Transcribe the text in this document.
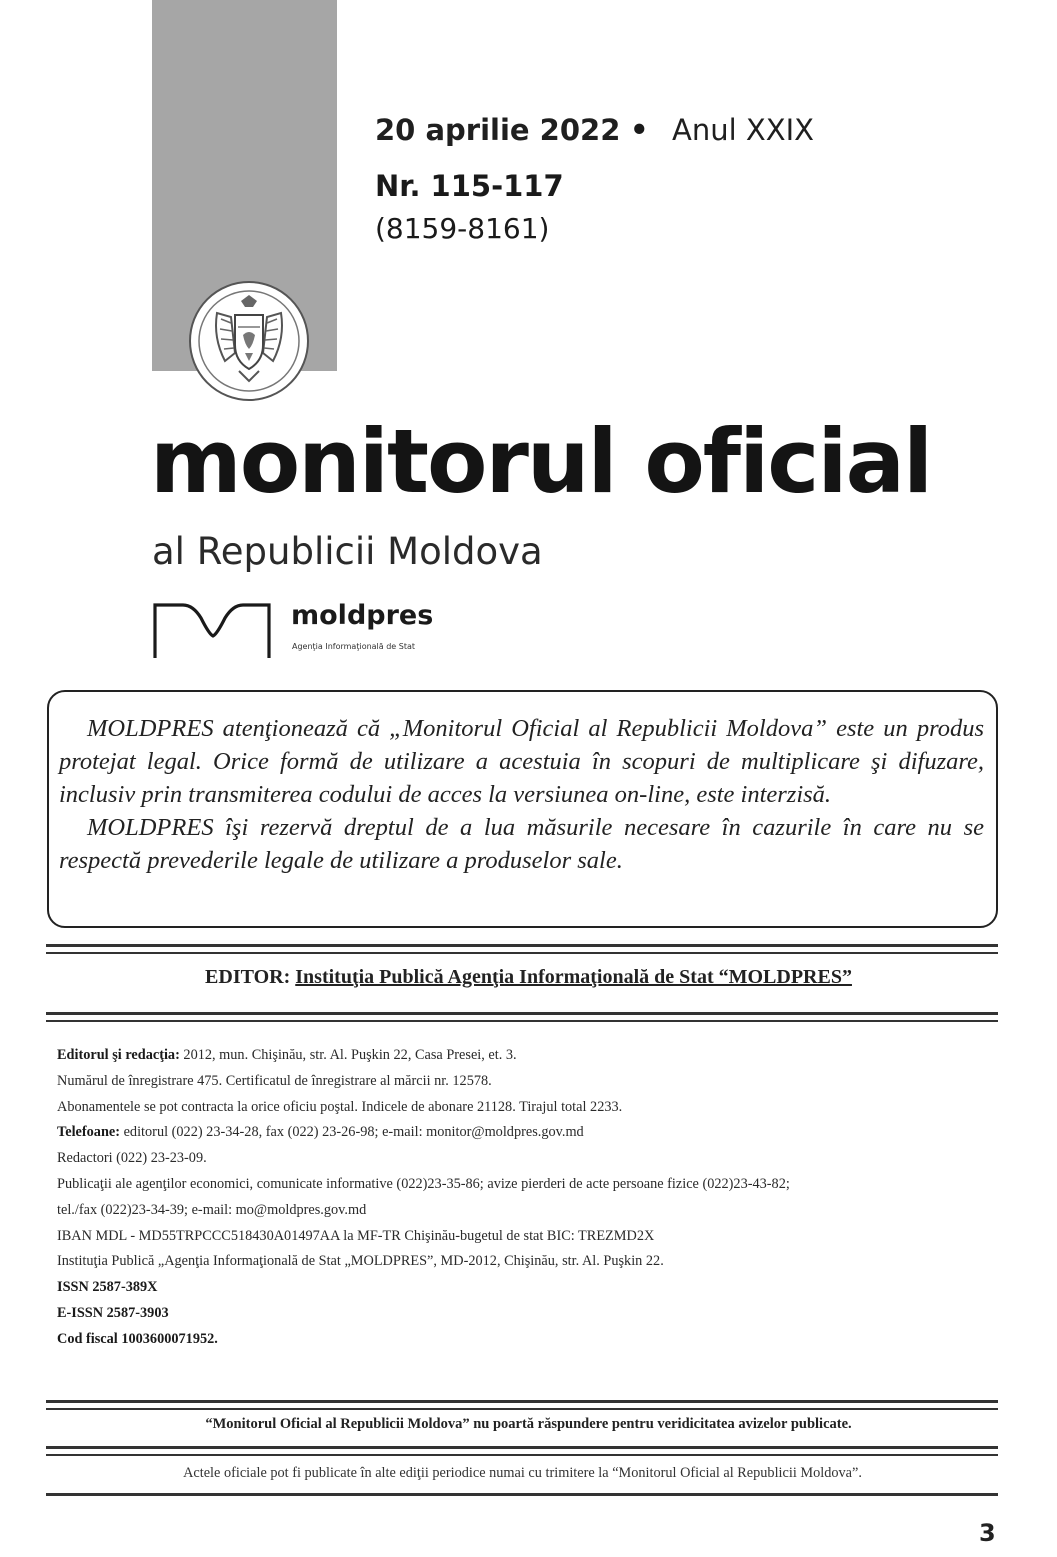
20 aprilie 2022 • Anul XXIX
Nr. 115-117
(8159-8161)
monitorul oficial
al Republicii Moldova
moldpres
Agenţia Informaţională de Stat

MOLDPRES atenţionează că „Monitorul Oficial al Republicii Moldova” este un produs protejat legal. Orice formă de utilizare a acestuia în scopuri de multiplicare şi difuzare, inclusiv prin transmiterea codului de acces la versiunea on-line, este interzisă.

MOLDPRES îşi rezervă dreptul de a lua măsurile necesare în cazurile în care nu se respectă prevederile legale de utilizare a produselor sale.

EDITOR: Instituţia Publică Agenţia Informaţională de Stat “MOLDPRES”
Editorul şi redacţia: 2012, mun. Chişinău, str. Al. Puşkin 22, Casa Presei, et. 3.
Numărul de înregistrare 475. Certificatul de înregistrare al mărcii nr. 12578.
Abonamentele se pot contracta la orice oficiu poştal. Indicele de abonare 21128. Tirajul total 2233.
Telefoane: editorul (022) 23-34-28, fax (022) 23-26-98; e-mail: monitor@moldpres.gov.md
Redactori (022) 23-23-09.
Publicaţii ale agenţilor economici, comunicate informative (022)23-35-86; avize pierderi de acte persoane fizice (022)23-43-82;
tel./fax (022)23-34-39; e-mail: mo@moldpres.gov.md
IBAN MDL - MD55TRPCCC518430A01497AA la MF-TR Chişinău-bugetul de stat BIC: TREZMD2X
Instituţia Publică „Agenţia Informaţională de Stat „MOLDPRES”, MD-2012, Chişinău, str. Al. Puşkin 22.
ISSN 2587-389X
E-ISSN 2587-3903
Cod fiscal 1003600071952.
“Monitorul Oficial al Republicii Moldova” nu poartă răspundere pentru veridicitatea avizelor publicate.
Actele oficiale pot fi publicate în alte ediţii periodice numai cu trimitere la “Monitorul Oficial al Republicii Moldova”.
3
